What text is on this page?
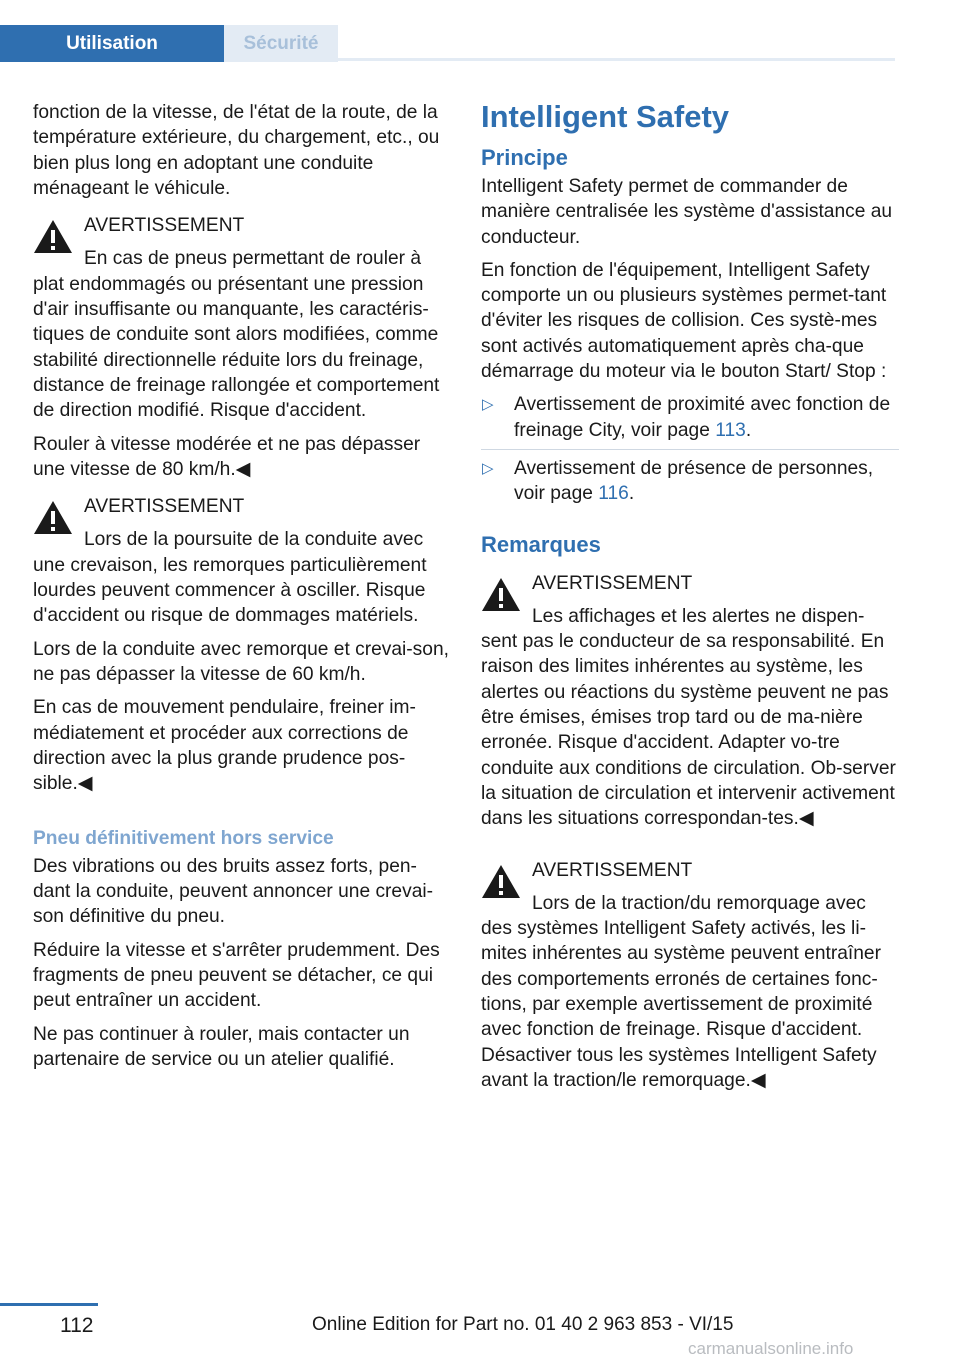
Utilisation	Sécurité

fonction de la vitesse, de l'état de la route, de la température extérieure, du chargement, etc., ou bien plus long en adoptant une conduite ménageant le véhicule.

AVERTISSEMENT

En cas de pneus permettant de rouler à plat endommagés ou présentant une pression d'air insuffisante ou manquante, les caractéris‐tiques de conduite sont alors modifiées, comme stabilité directionnelle réduite lors du freinage, distance de freinage rallongée et comportement de direction modifié. Risque d'accident.

Rouler à vitesse modérée et ne pas dépasser une vitesse de 80 km/h.◀

AVERTISSEMENT

Lors de la poursuite de la conduite avec une crevaison, les remorques particulièrement lourdes peuvent commencer à osciller. Risque d'accident ou risque de dommages matériels.

Lors de la conduite avec remorque et crevai‐son, ne pas dépasser la vitesse de 60 km/h.

En cas de mouvement pendulaire, freiner im‐médiatement et procéder aux corrections de direction avec la plus grande prudence pos‐sible.◀

Pneu définitivement hors service

Des vibrations ou des bruits assez forts, pen‐dant la conduite, peuvent annoncer une crevai‐son définitive du pneu.

Réduire la vitesse et s'arrêter prudemment. Des fragments de pneu peuvent se détacher, ce qui peut entraîner un accident.

Ne pas continuer à rouler, mais contacter un partenaire de service ou un atelier qualifié.

Intelligent Safety
Principe

Intelligent Safety permet de commander de manière centralisée les système d'assistance au conducteur.

En fonction de l'équipement, Intelligent Safety comporte un ou plusieurs systèmes permet‐tant d'éviter les risques de collision. Ces systè‐mes sont activés automatiquement après cha‐que démarrage du moteur via le bouton Start/ Stop :

▷ Avertissement de proximité avec fonction de freinage City, voir page 113.
▷ Avertissement de présence de personnes, voir page 116.
Remarques
AVERTISSEMENT

Les affichages et les alertes ne dispen‐sent pas le conducteur de sa responsabilité. En raison des limites inhérentes au système, les alertes ou réactions du système peuvent ne pas être émises, émises trop tard ou de ma‐nière erronée. Risque d'accident. Adapter vo‐tre conduite aux conditions de circulation. Ob‐server la situation de circulation et intervenir activement dans les situations correspondan‐tes.◀

AVERTISSEMENT

Lors de la traction/du remorquage avec des systèmes Intelligent Safety activés, les li‐mites inhérentes au système peuvent entraîner des comportements erronés de certaines fonc‐tions, par exemple avertissement de proximité avec fonction de freinage. Risque d'accident. Désactiver tous les systèmes Intelligent Safety avant la traction/le remorquage.◀

112	Online Edition for Part no. 01 40 2 963 853 - VI/15
carmanualsonline.info
